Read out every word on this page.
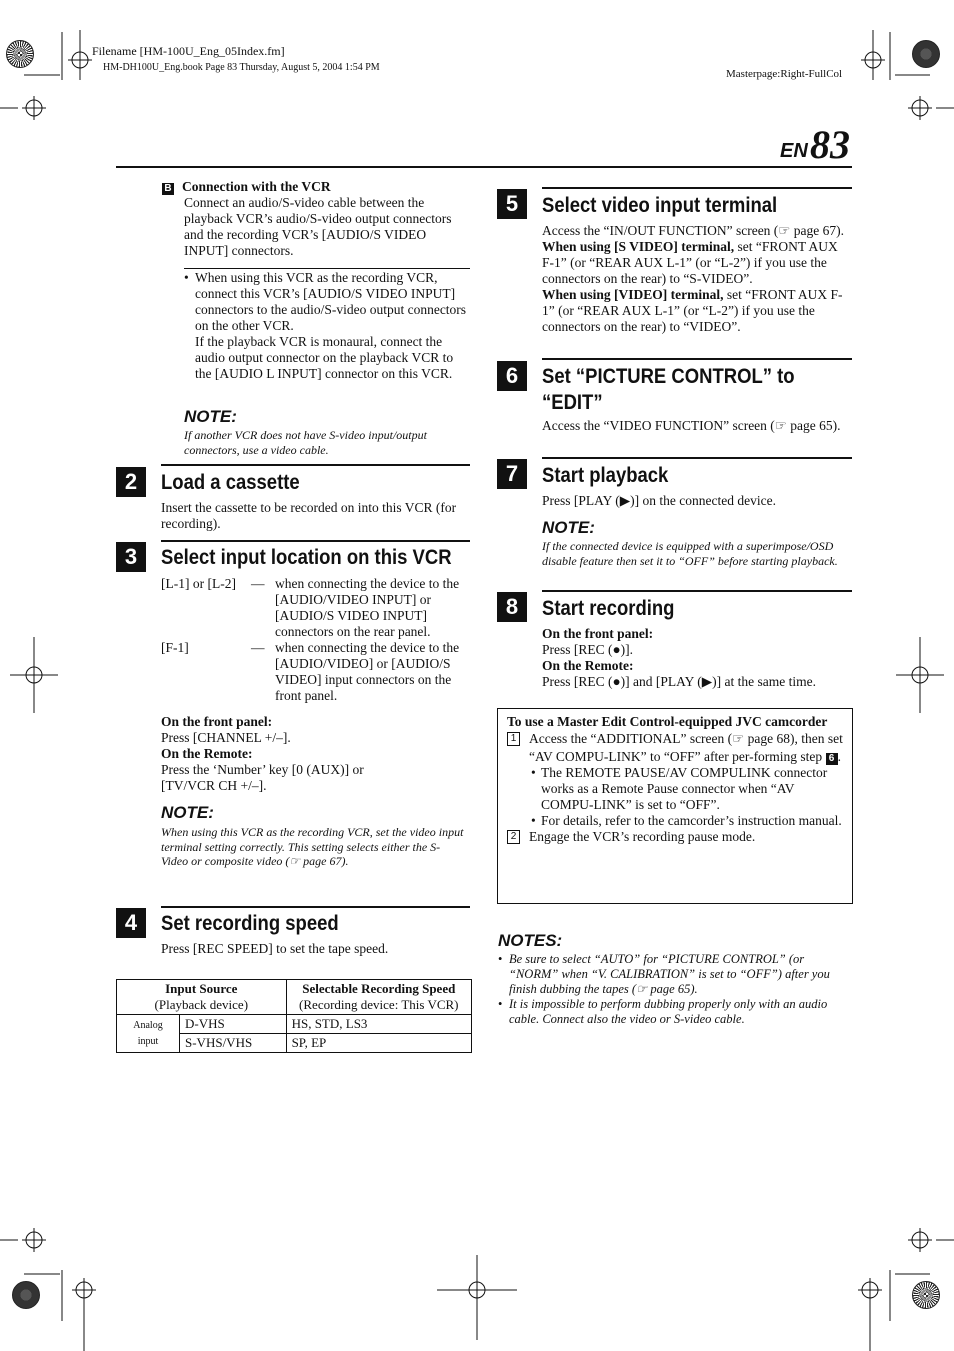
Filename [HM-100U_Eng_05Index.fm]
HM-DH100U_Eng.book Page 83 Thursday, August 5, 2004 1:54 PM
Masterpage:Right-FullCol
EN 83
B Connection with the VCR
Connect an audio/S-video cable between the playback VCR’s audio/S-video output connectors and the recording VCR’s [AUDIO/S VIDEO INPUT] connectors.
• When using this VCR as the recording VCR, connect this VCR’s [AUDIO/S VIDEO INPUT] connectors to the audio/S-video output connectors on the other VCR.
If the playback VCR is monaural, connect the audio output connector on the playback VCR to the [AUDIO L INPUT] connector on this VCR.
NOTE:
If another VCR does not have S-video input/output connectors, use a video cable.
2	Load a cassette
Insert the cassette to be recorded on into this VCR (for recording).
3	Select input location on this VCR
[L-1] or [L-2] — when connecting the device to the [AUDIO/VIDEO INPUT] or [AUDIO/S VIDEO INPUT] connectors on the rear panel.
[F-1]	— when connecting the device to the [AUDIO/VIDEO] or [AUDIO/S VIDEO] input connectors on the front panel.
On the front panel:
Press [CHANNEL +/–].
On the Remote:
Press the ‘Number’ key [0 (AUX)] or [TV/VCR CH +/–].
NOTE:
When using this VCR as the recording VCR, set the video input terminal setting correctly. This setting selects either the S-Video or composite video (☞ page 67).
4	Set recording speed
Press [REC SPEED] to set the tape speed.
Input Source
(Playback device)		Selectable Recording Speed
(Recording device: This VCR)
Analog input	D-VHS	HS, STD, LS3
	S-VHS/VHS	SP, EP
5	Select video input terminal
Access the “IN/OUT FUNCTION” screen (☞ page 67).
When using [S VIDEO] terminal, set “FRONT AUX F-1” (or “REAR AUX L-1” (or “L-2”) if you use the connectors on the rear) to “S-VIDEO”.
When using [VIDEO] terminal, set “FRONT AUX F-1” (or “REAR AUX L-1” (or “L-2”) if you use the connectors on the rear) to “VIDEO”.
6	Set “PICTURE CONTROL” to “EDIT”
Access the “VIDEO FUNCTION” screen (☞ page 65).
7	Start playback
Press [PLAY (▶)] on the connected device.
NOTE:
If the connected device is equipped with a superimpose/OSD disable feature then set it to “OFF” before starting playback.
8	Start recording
On the front panel:
Press [REC (●)].
On the Remote:
Press [REC (●)] and [PLAY (▶)] at the same time.
To use a Master Edit Control-equipped JVC camcorder
1 Access the “ADDITIONAL” screen (☞ page 68), then set “AV COMPU-LINK” to “OFF” after per-forming step 6 .
• The REMOTE PAUSE/AV COMPULINK connector works as a Remote Pause connector when “AV COMPU-LINK” is set to “OFF”.
• For details, refer to the camcorder’s instruction manual.
2 Engage the VCR’s recording pause mode.
NOTES:
• Be sure to select “AUTO” for “PICTURE CONTROL” (or “NORM” when “V. CALIBRATION” is set to “OFF”) after you finish dubbing the tapes (☞ page 65).
• It is impossible to perform dubbing properly only with an audio cable. Connect also the video or S-video cable.
